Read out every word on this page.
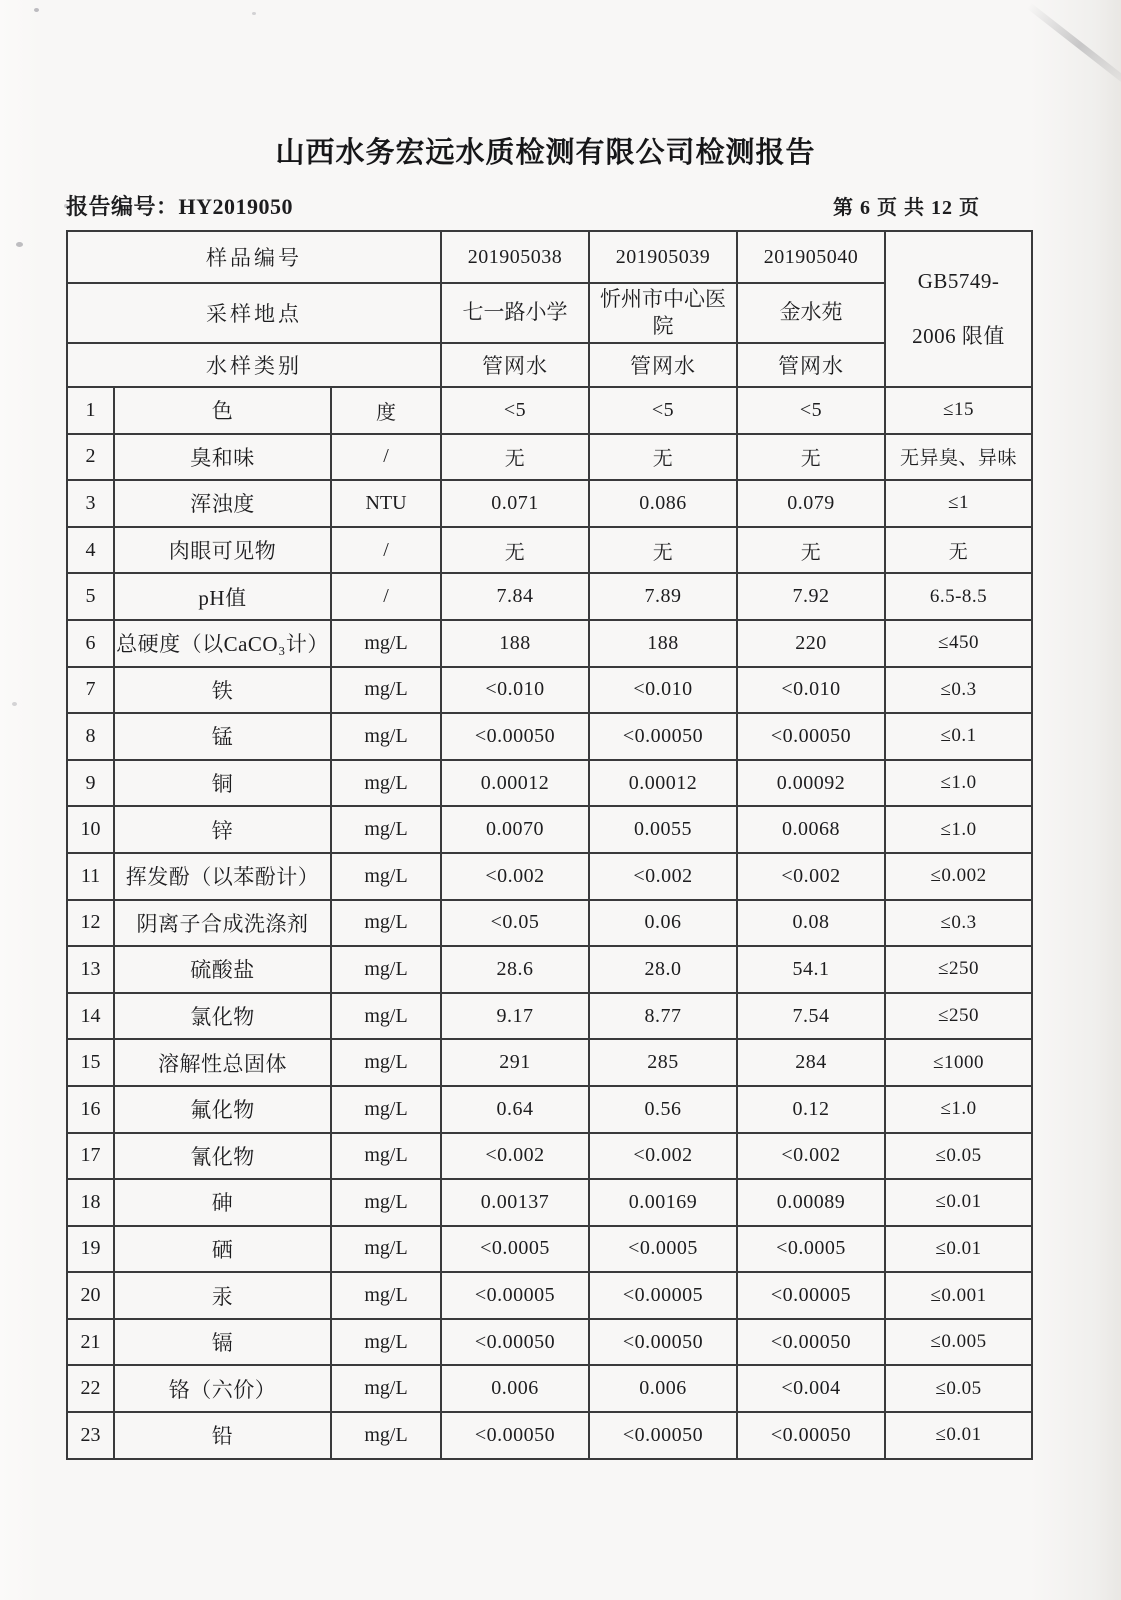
山西水务宏远水质检测有限公司检测报告
报告编号：HY2019050	第 6 页 共 12 页
样品编号			201905038	201905039	201905040	GB5749-
2006 限值

采样地点			七一路小学	忻州市中心医院	金水苑	
水样类别			管网水	管网水	管网水	
1	色	度	<5	<5	<5	≤15
2	臭和味	/	无	无	无	无异臭、异味
3	浑浊度	NTU	0.071	0.086	0.079	≤1
4	肉眼可见物	/	无	无	无	无
5	pH值	/	7.84	7.89	7.92	6.5-8.5
6	总硬度（以CaCO₃计）	mg/L	188	188	220	≤450
7	铁	mg/L	<0.010	<0.010	<0.010	≤0.3
8	锰	mg/L	<0.00050	<0.00050	<0.00050	≤0.1
9	铜	mg/L	0.00012	0.00012	0.00092	≤1.0
10	锌	mg/L	0.0070	0.0055	0.0068	≤1.0
11	挥发酚（以苯酚计）	mg/L	<0.002	<0.002	<0.002	≤0.002
12	阴离子合成洗涤剂	mg/L	<0.05	0.06	0.08	≤0.3
13	硫酸盐	mg/L	28.6	28.0	54.1	≤250
14	氯化物	mg/L	9.17	8.77	7.54	≤250
15	溶解性总固体	mg/L	291	285	284	≤1000
16	氟化物	mg/L	0.64	0.56	0.12	≤1.0
17	氰化物	mg/L	<0.002	<0.002	<0.002	≤0.05
18	砷	mg/L	0.00137	0.00169	0.00089	≤0.01
19	硒	mg/L	<0.0005	<0.0005	<0.0005	≤0.01
20	汞	mg/L	<0.00005	<0.00005	<0.00005	≤0.001
21	镉	mg/L	<0.00050	<0.00050	<0.00050	≤0.005
22	铬（六价）	mg/L	0.006	0.006	<0.004	≤0.05
23	铅	mg/L	<0.00050	<0.00050	<0.00050	≤0.01
